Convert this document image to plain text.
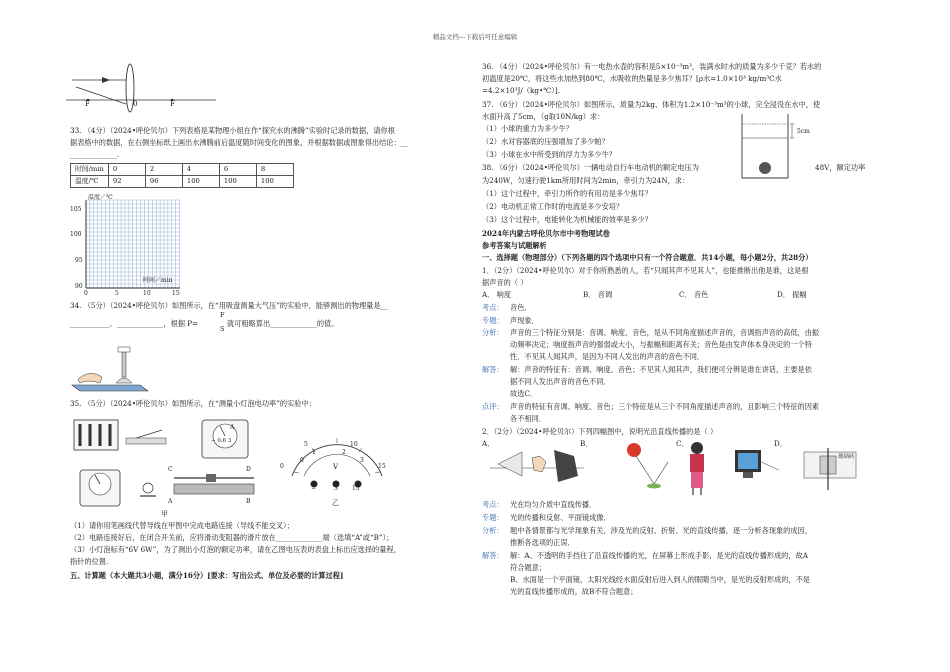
精品文档---下载后可任意编辑
F	0	F
33. （4分）（2024•呼伦贝尔）下列表格是某物理小组在作“探究水的沸腾”实验时记录的数据，请你根
据表格中的数据，在右侧坐标纸上画出水沸腾前后温度随时间变化的图象，并根据数据或图象得出结论：__
_____________.
时间/min	0	2	4	6	8
温度/℃	92	96	100	100	100
温度／℃
105
100
95
90
时间／min
0	5	10	15
34. （5分）（2024•呼伦贝尔）如图所示，在“用吸盘测量大气压”的实验中，能够测出的物理量是__
F
___________、_____________，根据 P=
S
就可粗略算出_____________的值。
35. （5分）（2024•呼伦贝尔）如图所示，在“测量小灯泡电功率”的实验中：
A
− 0.6 3
C	D
A	B
甲
0
5	10
15
0
1	2
3
V
−	3 15
乙
（1）请你用笔画线代替导线在甲图中完成电路连接（导线不能交叉）；
（2）电路连接好后，在闭合开关前，应将滑动变阻器的滑片放在_____________端（选填“A”或“B”）；
（3）小灯泡标有“6V 6W”，为了测出小灯泡的额定功率，请在乙图电压表的表盘上标出应选择的量程，
指针的位置.
五、计算题（本大题共3小题，满分16分）[要求：写出公式、单位及必要的计算过程]
36. （4分）（2024•呼伦贝尔）有一电热水壶的容积是5×10⁻³m³，装满水时水的质量为多少千克？若水的
初温度是20℃，将这些水加热到80℃，水吸收的热量是多少焦耳？[ρ水=1.0×10³ kg/m³C水
=4.2×10³J/（kg•℃）].
37. （6分）（2024•呼伦贝尔）如图所示，质量为2kg、体积为1.2×10⁻³m³的小球，完全浸没在水中，使
水面升高了5cm，（g取10N/kg）求：
（1）小球的重力为多少牛？
（2）水对容器底的压强增加了多少帕？
（3）小球在水中所受到的浮力为多少牛？
5cm
38. （6分）（2024•呼伦贝尔）一辆电动自行车电动机的额定电压为	48V，额定功率
为240W，匀速行驶1km所用时间为2min，牵引力为24N，求：
（1）这个过程中，牵引力所作的有用功是多少焦耳？
（2）电动机正常工作时的电流是多少安培？
（3）这个过程中，电能转化为机械能的效率是多少？
2024年内蒙古呼伦贝尔市中考物理试卷
参考答案与试题解析
一、选择题（物理部分）（下列各题的四个选项中只有一个符合题意．共14小题，每小题2分，共28分）
1．（2分）（2024•呼伦贝尔）对于你所熟悉的人，若“只闻其声不见其人”，也能推断出他是谁，这是根
据声音的（ ）
A． 响度	B． 音调	C． 音色	D． 振幅
考点： 音色．
专题： 声现象．
分析： 声音的三个特征分别是：音调、响度、音色，是从不同角度描述声音的，音调指声音的高低，由振
动频率决定；响度指声音的强弱或大小，与振幅和距离有关；音色是由发声体本身决定的一个特
性．不见其人闻其声，是因为不同人发出的声音的音色不同．
解答： 解：声音的特征有：音调、响度、音色；不见其人闻其声，我们便可分辨是谁在讲话，主要是依
据不同人发出声音的音色不同．
故选C．
点评： 声音的特征有音调、响度、音色；三个特征是从三个不同角度描述声音的，且影响三个特征的因素
各不相同．
2．（2分）（2024•呼伦贝尔）下列四幅图中，说明光沿直线传播的是（ ）
A．	B．	C．	D．
玻璃砖
考点： 光在均匀介质中直线传播．
专题： 光的传播和反射、平面镜成像．
分析： 题中各情景都与光学现象有关，涉及光的反射、折射、光的直线传播，逐一分析各现象的成因，
推断各选项的正误．
解答： 解：A、不透明的手挡住了沿直线传播的光，在屏幕上形成手影，是光的直线传播形成的，故A
符合题意；
B、水面是一个平面镜，太阳光线经水面反射后进入到人的眼睛当中，是光的反射形成的，不是
光的直线传播形成的，故B不符合题意；
